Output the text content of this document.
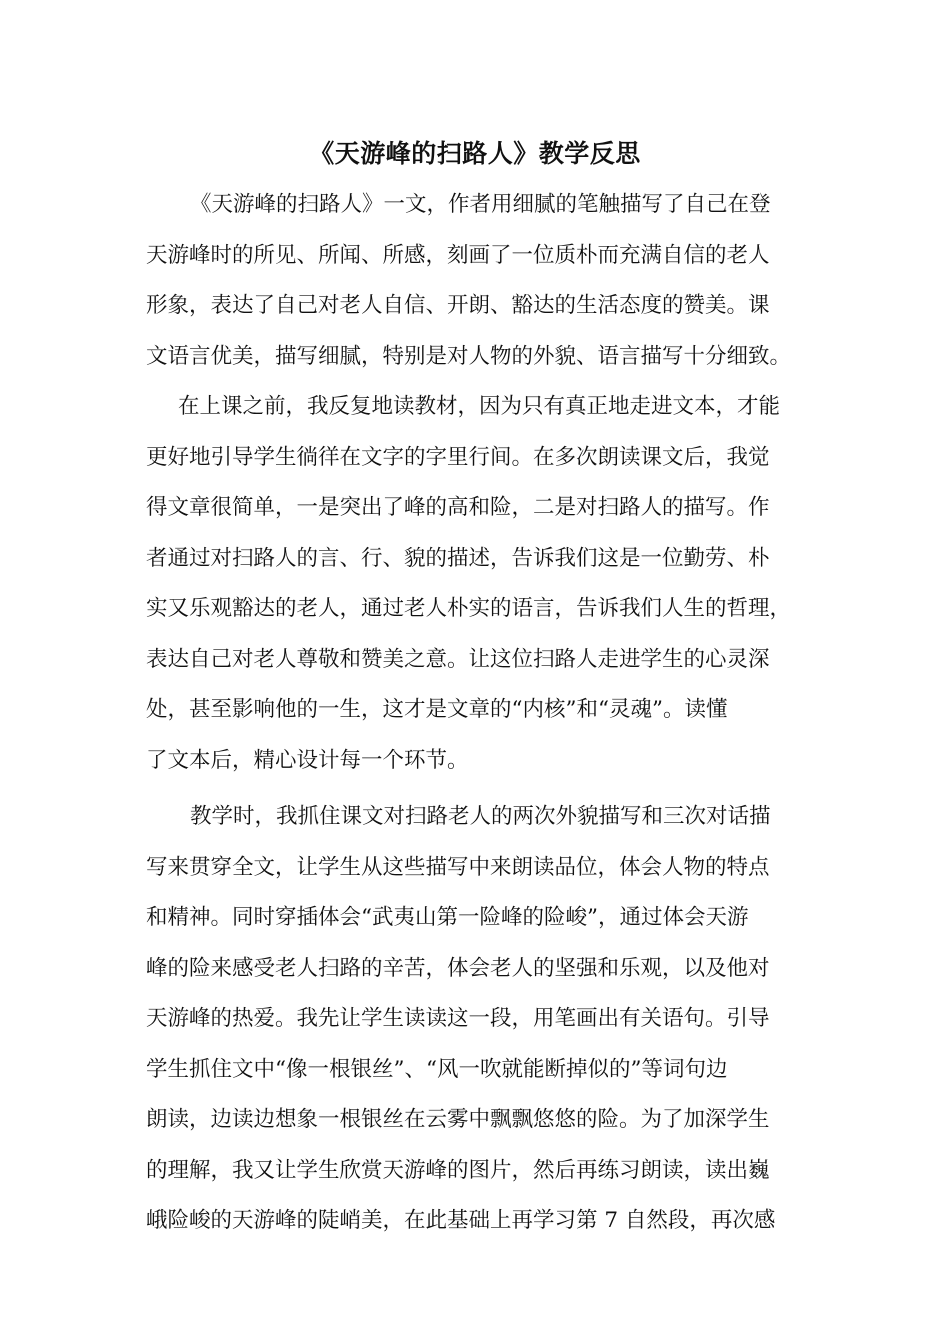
《天游峰的扫路人》教学反思
《天游峰的扫路人》一文，作者用细腻的笔触描写了自己在登
天游峰时的所见、所闻、所感，刻画了一位质朴而充满自信的老人
形象，表达了自己对老人自信、开朗、豁达的生活态度的赞美。课
文语言优美，描写细腻，特别是对人物的外貌、语言描写十分细致。
在上课之前，我反复地读教材，因为只有真正地走进文本，才能
更好地引导学生徜徉在文字的字里行间。在多次朗读课文后，我觉
得文章很简单，一是突出了峰的高和险，二是对扫路人的描写。作
者通过对扫路人的言、行、貌的描述，告诉我们这是一位勤劳、朴
实又乐观豁达的老人，通过老人朴实的语言，告诉我们人生的哲理，
表达自己对老人尊敬和赞美之意。让这位扫路人走进学生的心灵深
处，甚至影响他的一生，这才是文章的“内核”和“灵魂”。读懂
了文本后，精心设计每一个环节。
教学时，我抓住课文对扫路老人的两次外貌描写和三次对话描
写来贯穿全文，让学生从这些描写中来朗读品位，体会人物的特点
和精神。同时穿插体会“武夷山第一险峰的险峻”，通过体会天游
峰的险来感受老人扫路的辛苦，体会老人的坚强和乐观，以及他对
天游峰的热爱。我先让学生读读这一段，用笔画出有关语句。引导
学生抓住文中“像一根银丝”、“风一吹就能断掉似的”等词句边
朗读，边读边想象一根银丝在云雾中飘飘悠悠的险。为了加深学生
的理解，我又让学生欣赏天游峰的图片，然后再练习朗读，读出巍
峨险峻的天游峰的陡峭美，在此基础上再学习第 7 自然段，再次感
